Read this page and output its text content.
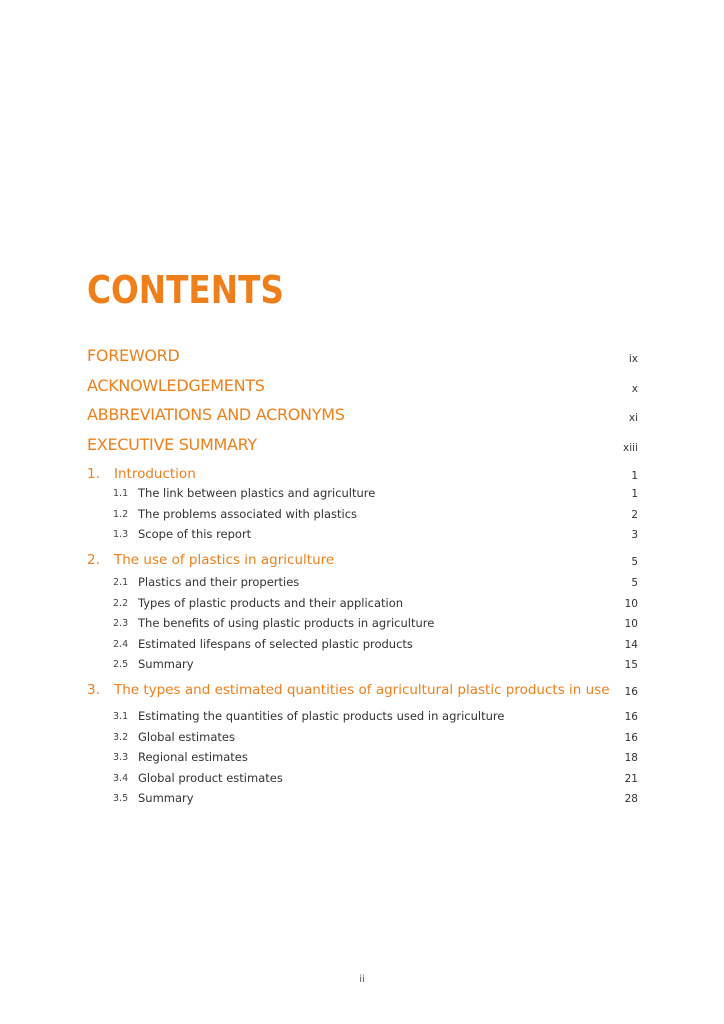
CONTENTS
FOREWORD	ix
ACKNOWLEDGEMENTS	x
ABBREVIATIONS AND ACRONYMS	xi
EXECUTIVE SUMMARY	xiii
1. Introduction	1
1.1 The link between plastics and agriculture	1
1.2 The problems associated with plastics	2
1.3 Scope of this report	3
2. The use of plastics in agriculture	5
2.1 Plastics and their properties	5
2.2 Types of plastic products and their application	10
2.3 The benefits of using plastic products in agriculture	10
2.4 Estimated lifespans of selected plastic products	14
2.5 Summary	15
3. The types and estimated quantities of agricultural plastic products in use 16
3.1 Estimating the quantities of plastic products used in agriculture	16
3.2 Global estimates	16
3.3 Regional estimates	18
3.4 Global product estimates	21
3.5 Summary	28
ii
